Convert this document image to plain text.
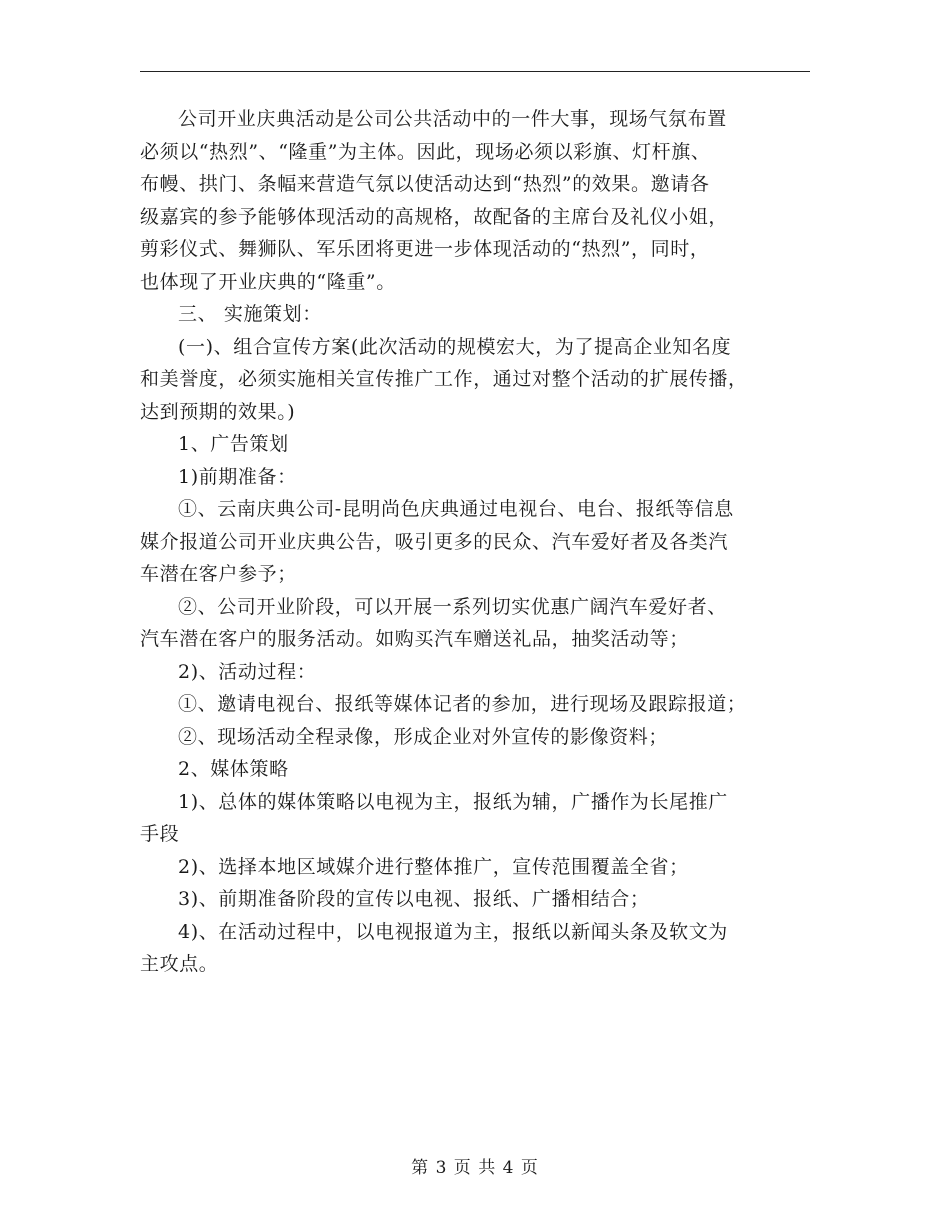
公司开业庆典活动是公司公共活动中的一件大事，现场气氛布置
必须以“热烈”、“隆重”为主体。因此，现场必须以彩旗、灯杆旗、
布幔、拱门、条幅来营造气氛以使活动达到“热烈”的效果。邀请各
级嘉宾的参予能够体现活动的高规格，故配备的主席台及礼仪小姐，
剪彩仪式、舞狮队、军乐团将更进一步体现活动的“热烈”，同时，
也体现了开业庆典的“隆重”。

三、 实施策划：

(一)、组合宣传方案(此次活动的规模宏大，为了提高企业知名度
和美誉度，必须实施相关宣传推广工作，通过对整个活动的扩展传播，
达到预期的效果。)

1、广告策划

1)前期准备：

①、云南庆典公司-昆明尚色庆典通过电视台、电台、报纸等信息
媒介报道公司开业庆典公告，吸引更多的民众、汽车爱好者及各类汽
车潜在客户参予；

②、公司开业阶段，可以开展一系列切实优惠广阔汽车爱好者、
汽车潜在客户的服务活动。如购买汽车赠送礼品，抽奖活动等；

2)、活动过程：

①、邀请电视台、报纸等媒体记者的参加，进行现场及跟踪报道；

②、现场活动全程录像，形成企业对外宣传的影像资料；

2、媒体策略

1)、总体的媒体策略以电视为主，报纸为辅，广播作为长尾推广
手段

2)、选择本地区域媒介进行整体推广，宣传范围覆盖全省；

3)、前期准备阶段的宣传以电视、报纸、广播相结合；

4)、在活动过程中，以电视报道为主，报纸以新闻头条及软文为
主攻点。

第 3 页 共 4 页
